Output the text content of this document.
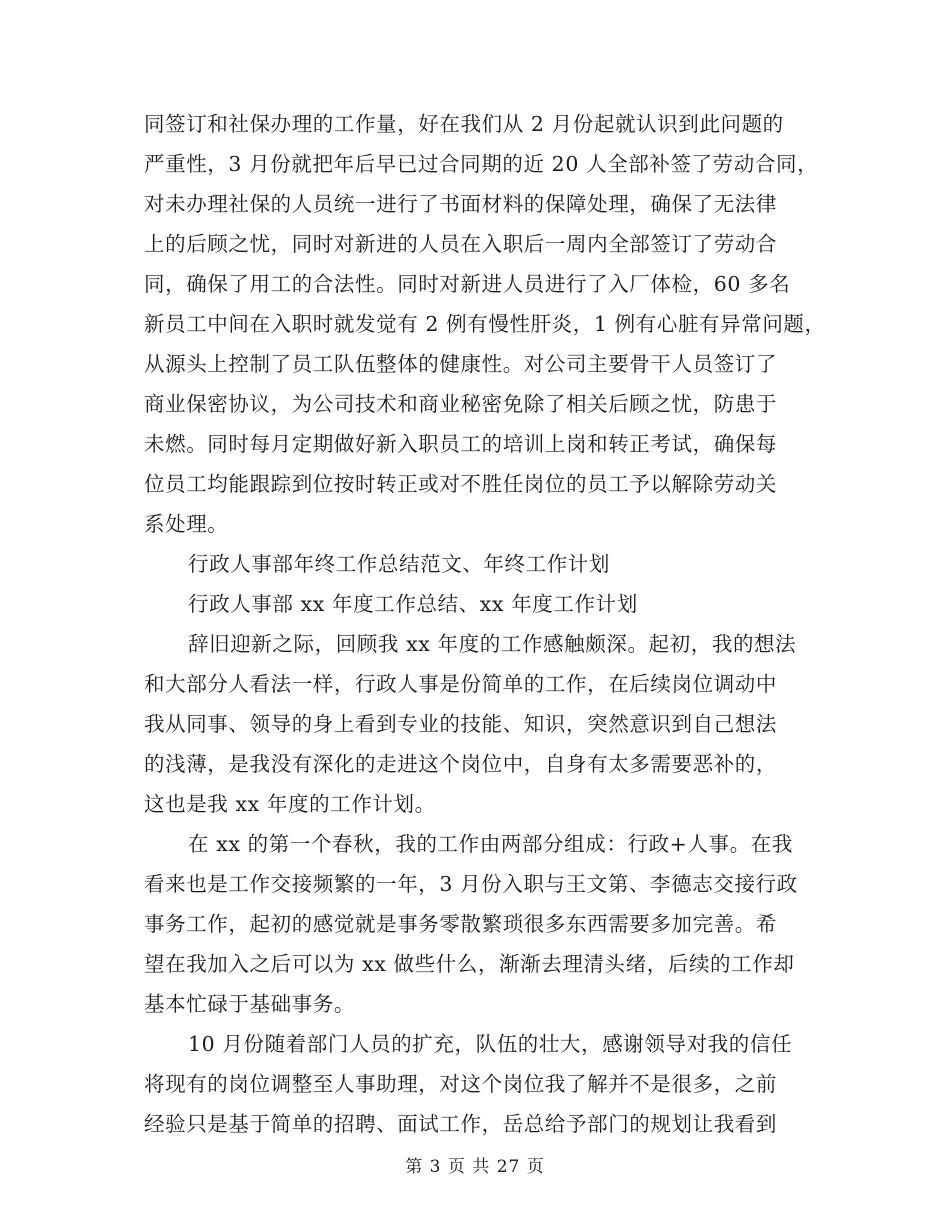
同签订和社保办理的工作量，好在我们从 2 月份起就认识到此问题的
严重性，3 月份就把年后早已过合同期的近 20 人全部补签了劳动合同，
对未办理社保的人员统一进行了书面材料的保障处理，确保了无法律
上的后顾之忧，同时对新进的人员在入职后一周内全部签订了劳动合
同，确保了用工的合法性。同时对新进人员进行了入厂体检，60 多名
新员工中间在入职时就发觉有 2 例有慢性肝炎，1 例有心脏有异常问题，
从源头上控制了员工队伍整体的健康性。对公司主要骨干人员签订了
商业保密协议，为公司技术和商业秘密免除了相关后顾之忧，防患于
未燃。同时每月定期做好新入职员工的培训上岗和转正考试，确保每
位员工均能跟踪到位按时转正或对不胜任岗位的员工予以解除劳动关
系处理。
行政人事部年终工作总结范文、年终工作计划
行政人事部 xx 年度工作总结、xx 年度工作计划
辞旧迎新之际，回顾我 xx 年度的工作感触颇深。起初，我的想法
和大部分人看法一样，行政人事是份简单的工作，在后续岗位调动中
我从同事、领导的身上看到专业的技能、知识，突然意识到自己想法
的浅薄，是我没有深化的走进这个岗位中，自身有太多需要恶补的，
这也是我 xx 年度的工作计划。
在 xx 的第一个春秋，我的工作由两部分组成：行政+人事。在我
看来也是工作交接频繁的一年，3 月份入职与王文第、李德志交接行政
事务工作，起初的感觉就是事务零散繁琐很多东西需要多加完善。希
望在我加入之后可以为 xx 做些什么，渐渐去理清头绪，后续的工作却
基本忙碌于基础事务。
10 月份随着部门人员的扩充，队伍的壮大，感谢领导对我的信任
将现有的岗位调整至人事助理，对这个岗位我了解并不是很多，之前
经验只是基于简单的招聘、面试工作，岳总给予部门的规划让我看到
第 3 页 共 27 页
